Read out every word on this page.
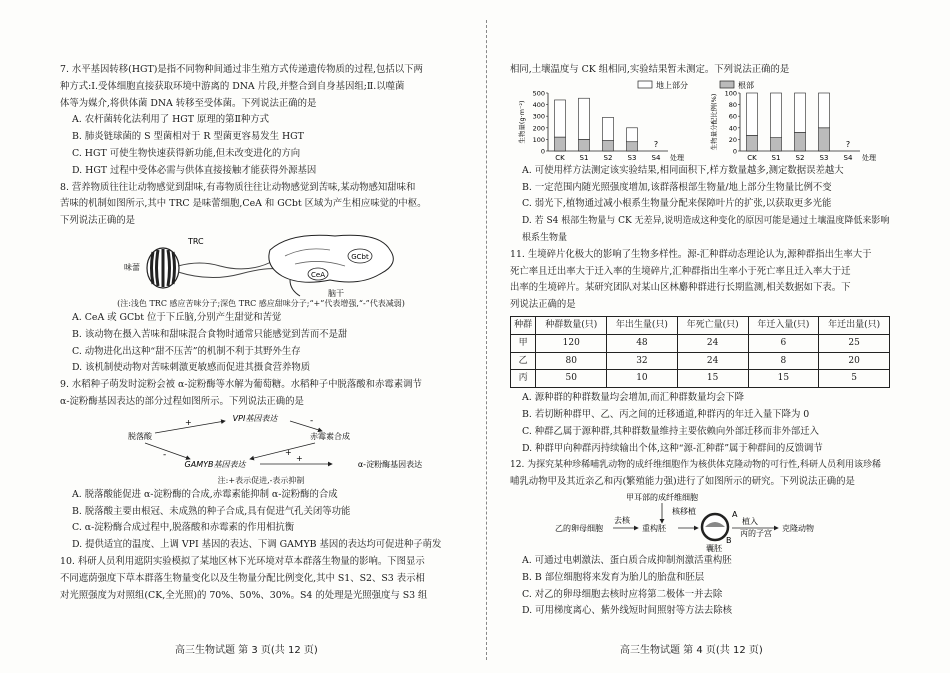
7. 水平基因转移(HGT)是指不同物种间通过非生殖方式传递遗传物质的过程,包括以下两

种方式:Ⅰ.受体细胞直接获取环境中游离的 DNA 片段,并整合到自身基因组;Ⅱ.以噬菌

体等为媒介,将供体菌 DNA 转移至受体菌。下列说法正确的是

A. 农杆菌转化法利用了 HGT 原理的第Ⅱ种方式

B. 肺炎链球菌的 S 型菌相对于 R 型菌更容易发生 HGT

C. HGT 可使生物快速获得新功能,但未改变进化的方向

D. HGT 过程中受体必需与供体直接接触才能获得外源基因

8. 营养物质往往让动物感觉到甜味,有毒物质往往让动物感觉到苦味,某动物感知甜味和

苦味的机制如图所示,其中 TRC 是味蕾细胞,CeA 和 GCbt 区域为产生相应味觉的中枢。

下列说法正确的是

味蕾
TRC
GCbt
CeA
脑干

(注:浅色 TRC 感应苦味分子;深色 TRC 感应甜味分子;“+”代表增强,“-”代表减弱)

A. CeA 或 GCbt 位于下丘脑,分别产生甜觉和苦觉

B. 该动物在摄入苦味和甜味混合食物时通常只能感觉到苦而不是甜

C. 动物进化出这种“甜不压苦”的机制不利于其野外生存

D. 该机制使动物对苦味刺激更敏感而促进其摄食营养物质

9. 水稻种子萌发时淀粉会被 α-淀粉酶等水解为葡萄糖。水稻种子中脱落酸和赤霉素调节

α-淀粉酶基因表达的部分过程如图所示。下列说法正确的是

VPI基因表达
脱落酸	赤霉素合成
GAMYB基因表达	α-淀粉酶基因表达
+	-
-	+
+

注:+表示促进,-表示抑制

A. 脱落酸能促进 α-淀粉酶的合成,赤霉素能抑制 α-淀粉酶的合成

B. 脱落酸主要由根冠、未成熟的种子合成,具有促进气孔关闭等功能

C. α-淀粉酶合成过程中,脱落酸和赤霉素的作用相抗衡

D. 提供适宜的温度、上调 VPI 基因的表达、下调 GAMYB 基因的表达均可促进种子萌发

10. 科研人员利用遮阴实验模拟了某地区林下光环境对草本群落生物量的影响。下图显示

不同遮荫强度下草本群落生物量变化以及生物量分配比例变化,其中 S1、S2、S3 表示相

对光照强度为对照组(CK,全光照)的 70%、50%、30%。S4 的处理是光照强度与 S3 组

高三生物试题 第 3 页(共 12 页)

相同,土壤温度与 CK 组相同,实验结果暂未测定。下列说法正确的是

地上部分	根部
0
100
200
300
400
500
生物量(g·m⁻²)
CK S1 S2 S3 S4
?
处理
0
20
40
60
80
100
生物量分配比例(%)
CK S1 S2 S3 S4
?
处理

A. 可使用样方法测定该实验结果,相同面积下,样方数量越多,测定数据误差越大

B. 一定范围内随光照强度增加,该群落根部生物量/地上部分生物量比例不变

C. 弱光下,植物通过减小根系生物量分配来保障叶片的扩张,以获取更多光能

D. 若 S4 根部生物量与 CK 无差异,说明造成这种变化的原因可能是通过土壤温度降低来影响根系生物量

11. 生境碎片化极大的影响了生物多样性。源-汇种群动态理论认为,源种群指出生率大于

死亡率且迁出率大于迁入率的生境碎片,汇种群指出生率小于死亡率且迁入率大于迁

出率的生境碎片。某研究团队对某山区林麝种群进行长期监测,相关数据如下表。下

列说法正确的是

种群	种群数量(只)	年出生量(只)	年死亡量(只)	年迁入量(只)	年迁出量(只)
甲	120	48	24	6	25
乙	80	32	24	8	20
丙	50	10	15	15	5

A. 源种群的种群数量均会增加,而汇种群数量均会下降

B. 若切断种群甲、乙、丙之间的迁移通道,种群丙的年迁入量下降为 0

C. 种群乙属于源种群,其种群数量维持主要依赖向外部迁移而非外部迁入

D. 种群甲向种群丙持续输出个体,这种“源-汇种群”属于种群间的反馈调节

12. 为探究某种珍稀哺乳动物的成纤维细胞作为核供体克隆动物的可行性,科研人员利用该珍稀

哺乳动物甲及其近亲乙和丙(繁殖能力强)进行了如图所示的研究。下列说法正确的是

甲耳部的成纤维细胞
核移植
乙的卵母细胞
去核
重构胚
A
B
囊胚
植入
丙的子宫
克隆动物

A. 可通过电刺激法、蛋白质合成抑制剂激活重构胚

B. B 部位细胞将来发育为胎儿的胎盘和胚层

C. 对乙的卵母细胞去核时应将第二极体一并去除

D. 可用梯度离心、紫外线短时间照射等方法去除核

高三生物试题 第 4 页(共 12 页)
